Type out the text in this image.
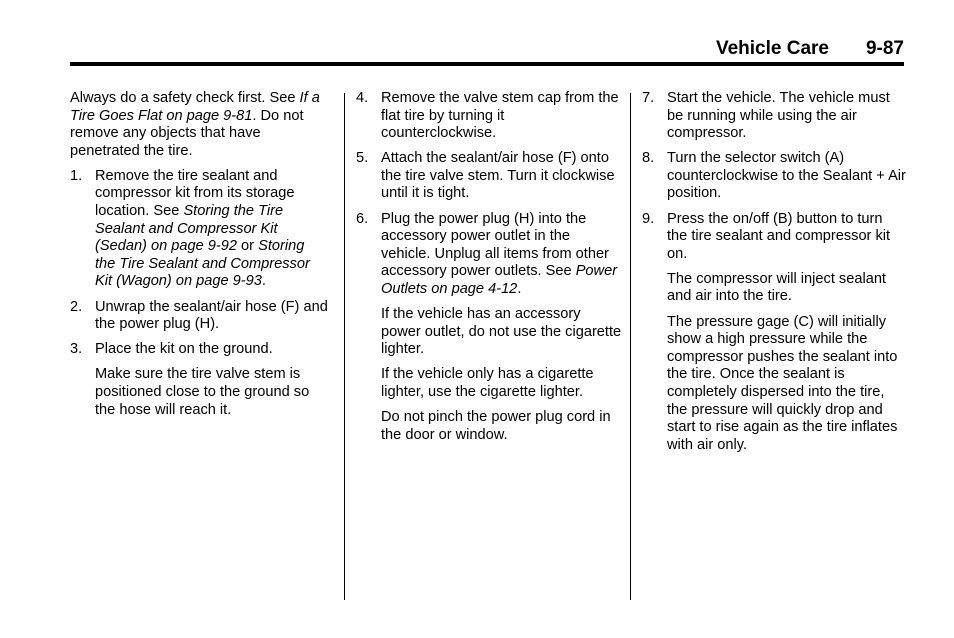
Vehicle Care 9-87

Always do a safety check first. See If a Tire Goes Flat on page 9-81. Do not remove any objects that have penetrated the tire.

1. Remove the tire sealant and compressor kit from its storage location. See Storing the Tire Sealant and Compressor Kit (Sedan) on page 9-92 or Storing the Tire Sealant and Compressor Kit (Wagon) on page 9-93.
2. Unwrap the sealant/air hose (F) and the power plug (H).
3. Place the kit on the ground.

Make sure the tire valve stem is positioned close to the ground so the hose will reach it.

4. Remove the valve stem cap from the flat tire by turning it counterclockwise.
5. Attach the sealant/air hose (F) onto the tire valve stem. Turn it clockwise until it is tight.
6. Plug the power plug (H) into the accessory power outlet in the vehicle. Unplug all items from other accessory power outlets. See Power Outlets on page 4-12.

If the vehicle has an accessory power outlet, do not use the cigarette lighter.

If the vehicle only has a cigarette lighter, use the cigarette lighter.

Do not pinch the power plug cord in the door or window.

7. Start the vehicle. The vehicle must be running while using the air compressor.
8. Turn the selector switch (A) counterclockwise to the Sealant + Air position.
9. Press the on/off (B) button to turn the tire sealant and compressor kit on.

The compressor will inject sealant and air into the tire.

The pressure gage (C) will initially show a high pressure while the compressor pushes the sealant into the tire. Once the sealant is completely dispersed into the tire, the pressure will quickly drop and start to rise again as the tire inflates with air only.
